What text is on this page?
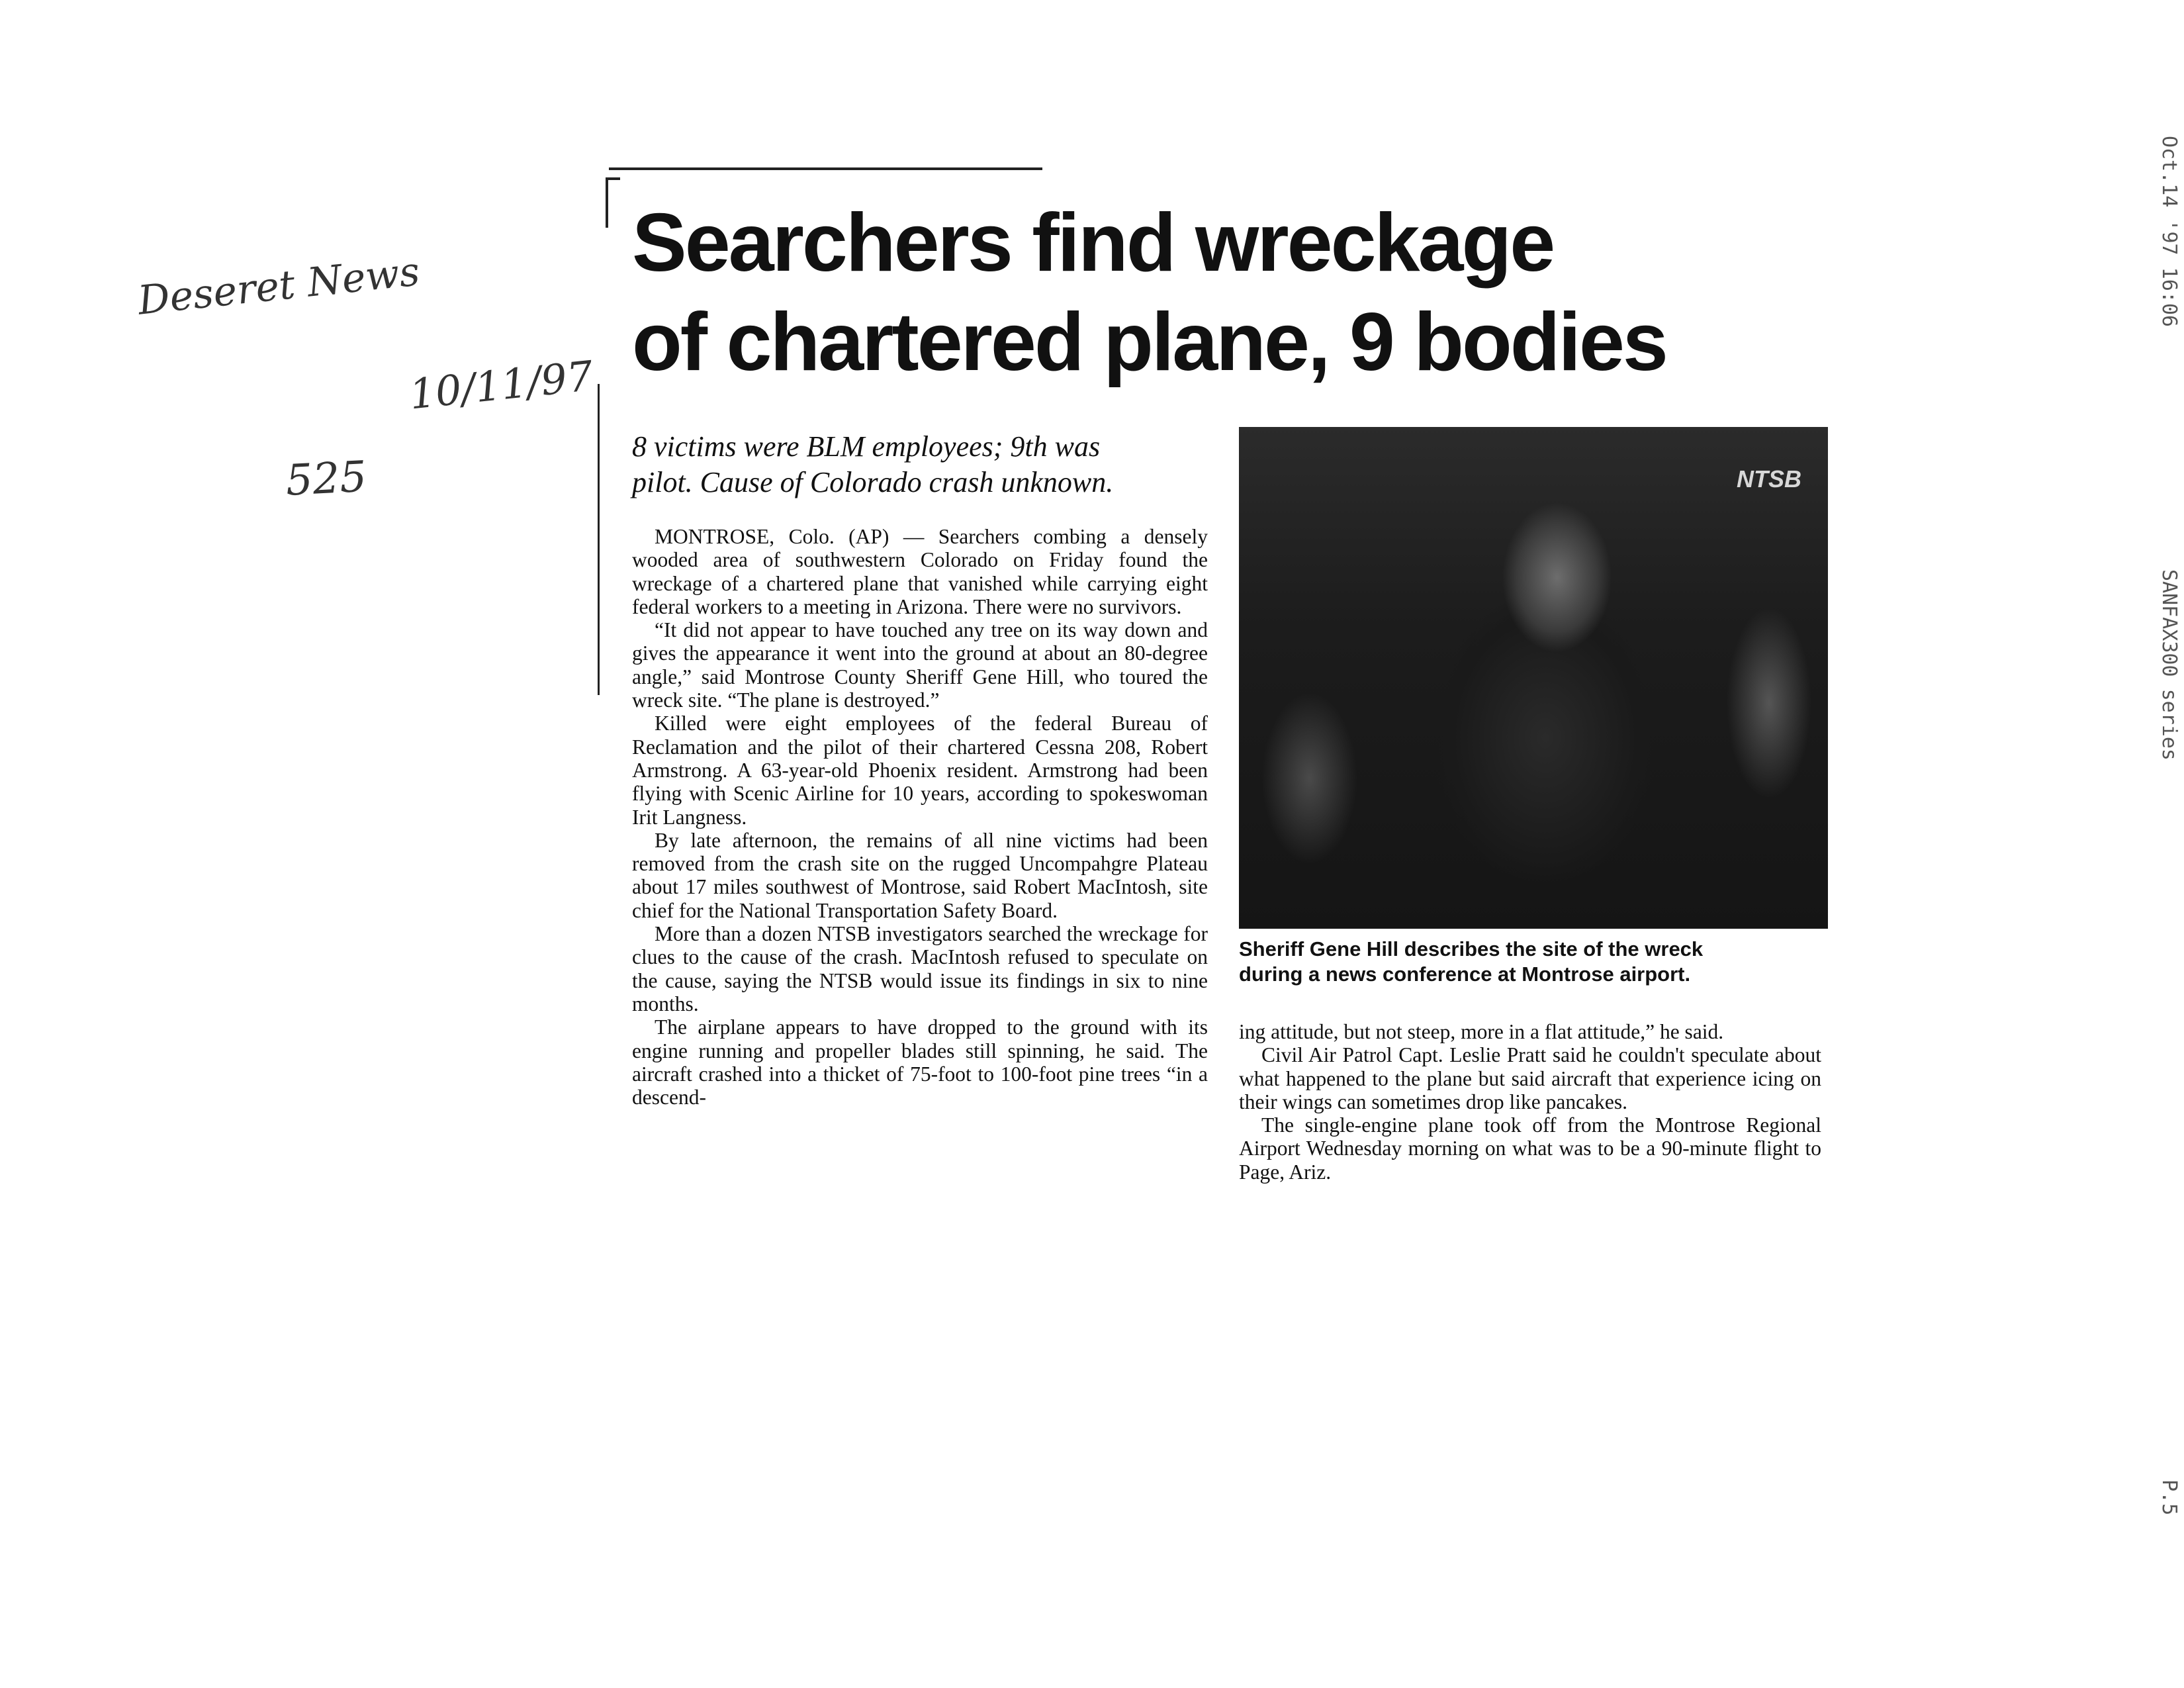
Deseret News
10/11/97
525
Oct.14 '97 16:06
SANFAX300 series
P.5
Searchers find wreckage
of chartered plane, 9 bodies

8 victims were BLM employees; 9th was
pilot. Cause of Colorado crash unknown.

MONTROSE, Colo. (AP) — Searchers combing a densely wooded area of southwestern Colorado on Friday found the wreckage of a chartered plane that vanished while carrying eight federal workers to a meeting in Arizona. There were no survivors.

“It did not appear to have touched any tree on its way down and gives the appearance it went into the ground at about an 80-degree angle,” said Montrose County Sheriff Gene Hill, who toured the wreck site. “The plane is destroyed.”

Killed were eight employees of the federal Bureau of Reclamation and the pilot of their chartered Cessna 208, Robert Armstrong. A 63-year-old Phoenix resident. Armstrong had been flying with Scenic Airline for 10 years, according to spokeswoman Irit Langness.

By late afternoon, the remains of all nine victims had been removed from the crash site on the rugged Uncompahgre Plateau about 17 miles southwest of Montrose, said Robert MacIntosh, site chief for the National Transportation Safety Board.

More than a dozen NTSB investigators searched the wreckage for clues to the cause of the crash. MacIntosh refused to speculate on the cause, saying the NTSB would issue its findings in six to nine months.

The airplane appears to have dropped to the ground with its engine running and propeller blades still spinning, he said. The aircraft crashed into a thicket of 75-foot to 100-foot pine trees “in a descend-

NTSB

Sheriff Gene Hill describes the site of the wreck
during a news conference at Montrose airport.

ing attitude, but not steep, more in a flat attitude,” he said.

Civil Air Patrol Capt. Leslie Pratt said he couldn't speculate about what happened to the plane but said aircraft that experience icing on their wings can sometimes drop like pancakes.

The single-engine plane took off from the Montrose Regional Airport Wednesday morning on what was to be a 90-minute flight to Page, Ariz.
